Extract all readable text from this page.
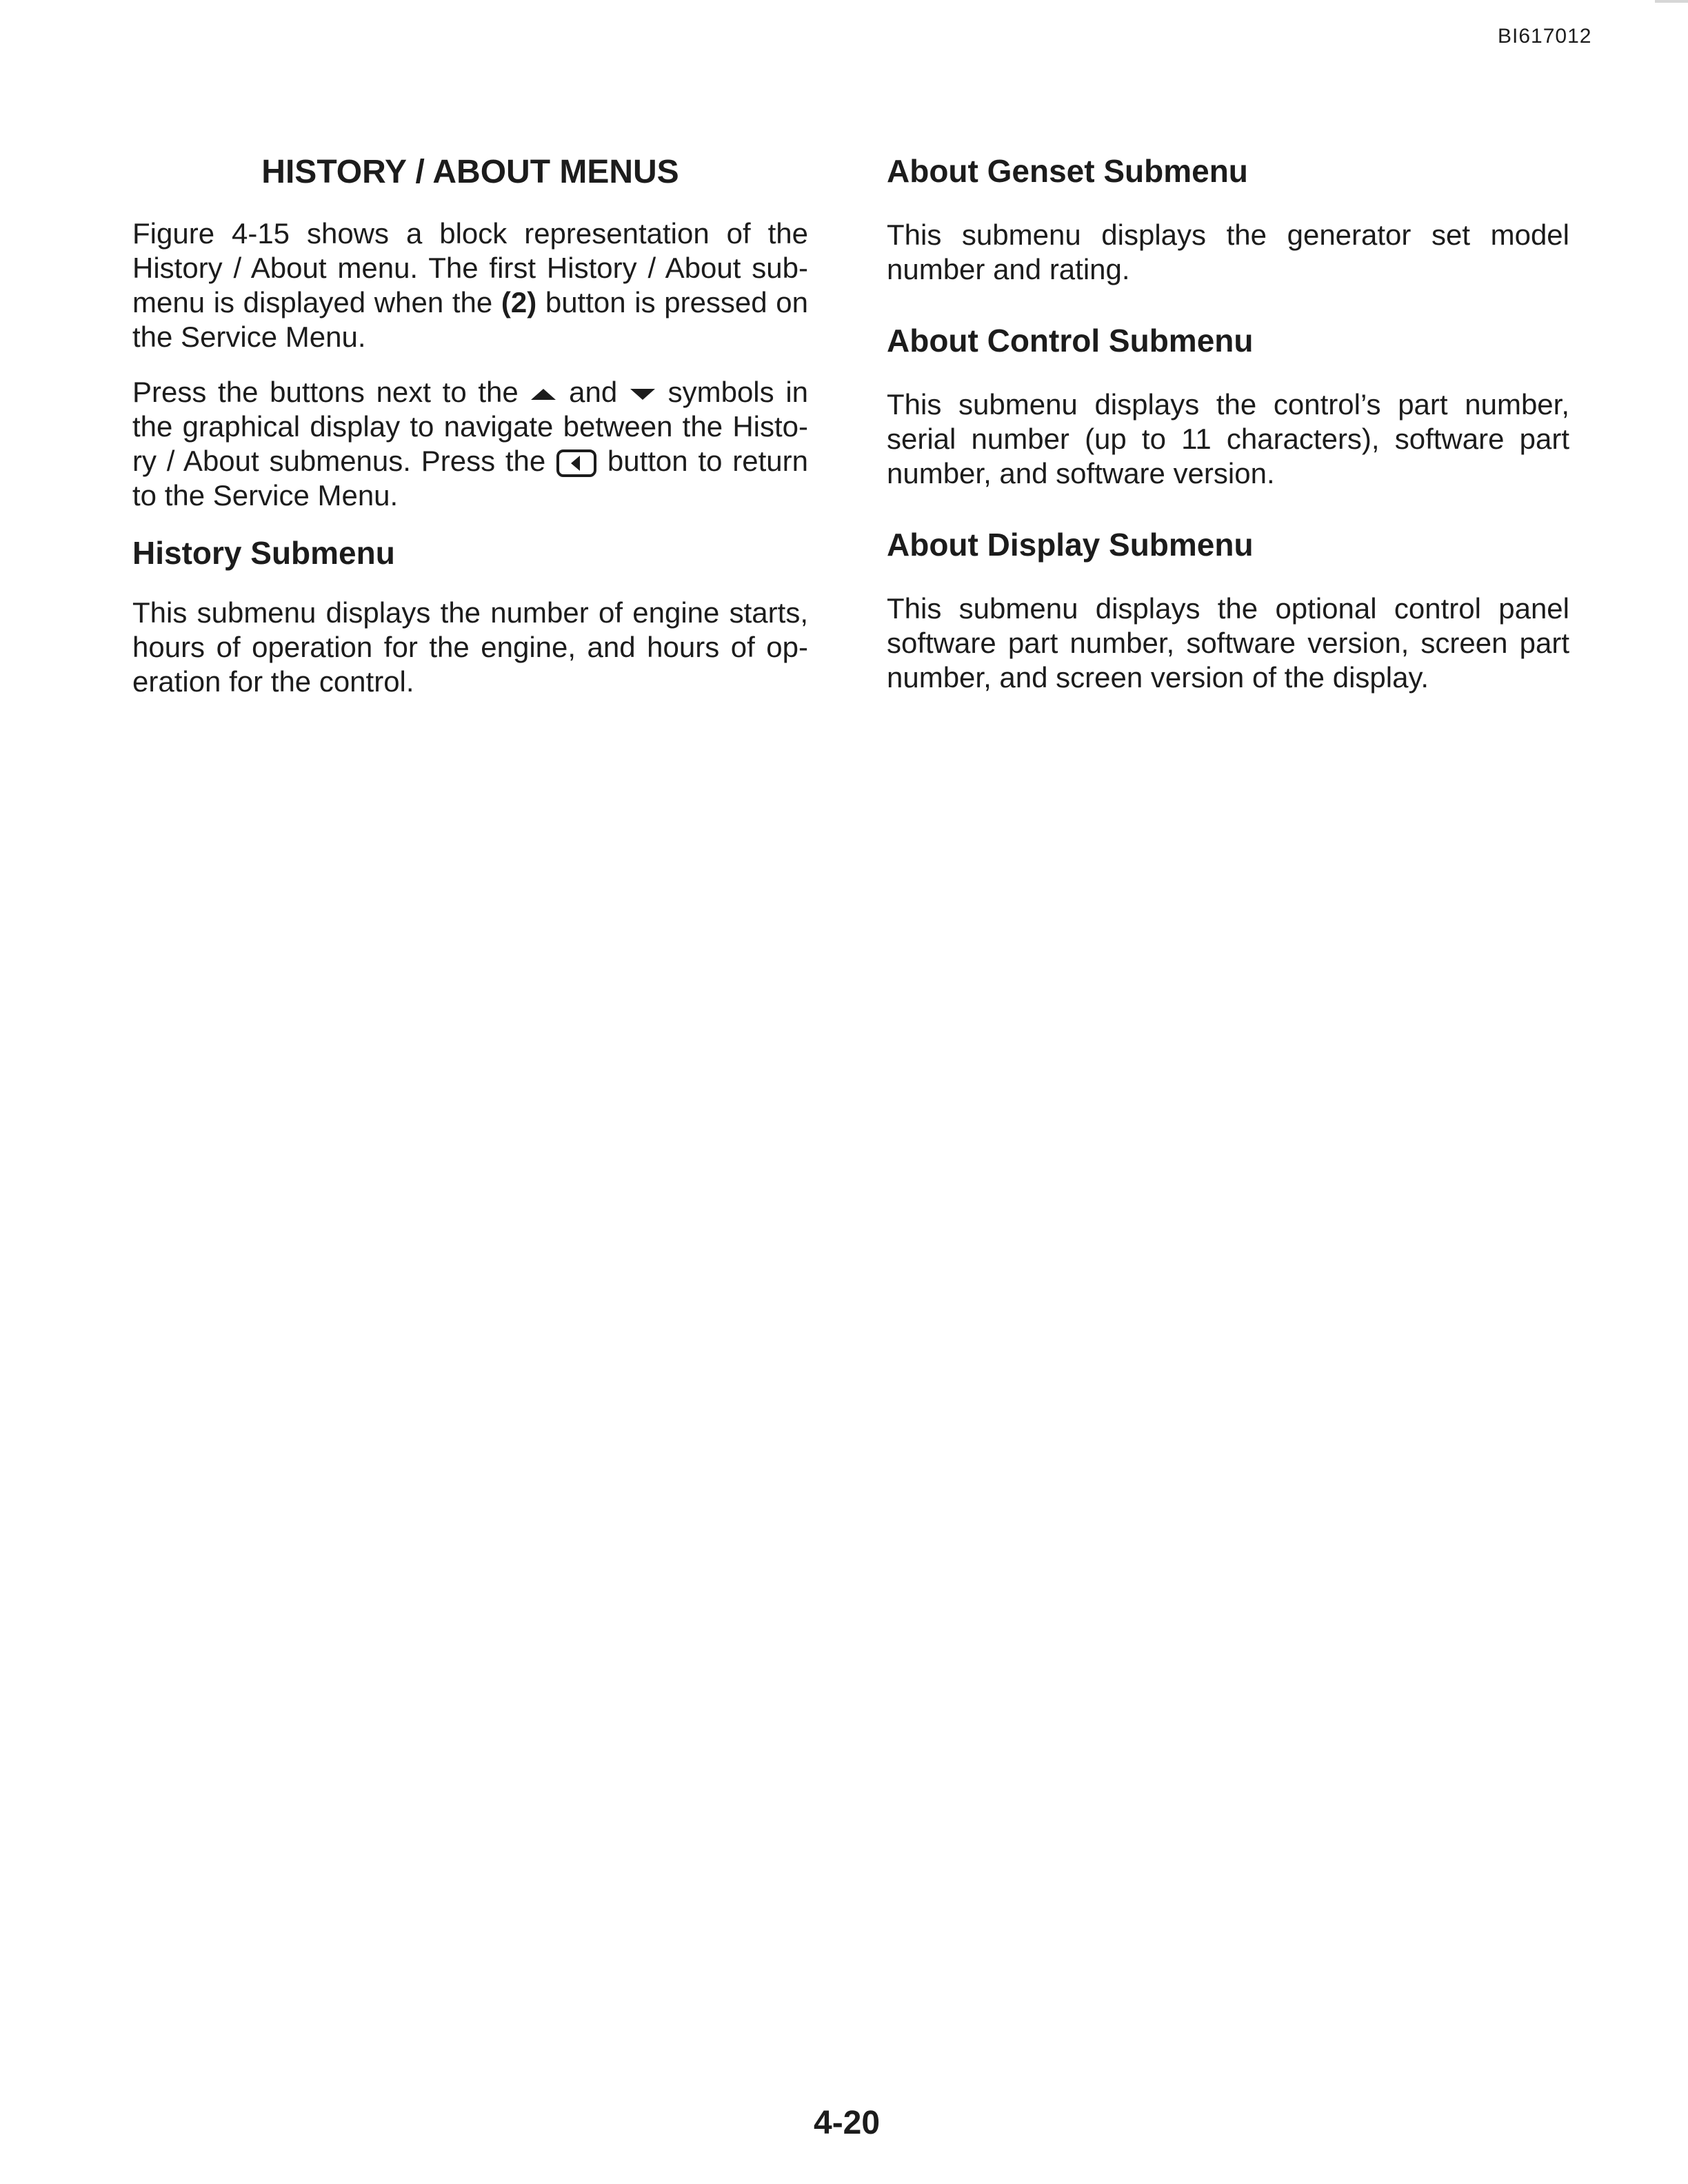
BI617012
HISTORY / ABOUT MENUS

Figure 4-15 shows a block representation of the History / About menu. The first History / About sub-menu is displayed when the (2) button is pressed on the Service Menu.

Press the buttons next to the  and  symbols in the graphical display to navigate between the Histo-ry / About submenus. Press the  button to return to the Service Menu.

History Submenu

This submenu displays the number of engine starts, hours of operation for the engine, and hours of op-eration for the control.

About Genset Submenu

This submenu displays the generator set model number and rating.

About Control Submenu

This submenu displays the control’s part number, serial number (up to 11 characters), software part number, and software version.

About Display Submenu

This submenu displays the optional control panel software part number, software version, screen part number, and screen version of the display.

4-20
